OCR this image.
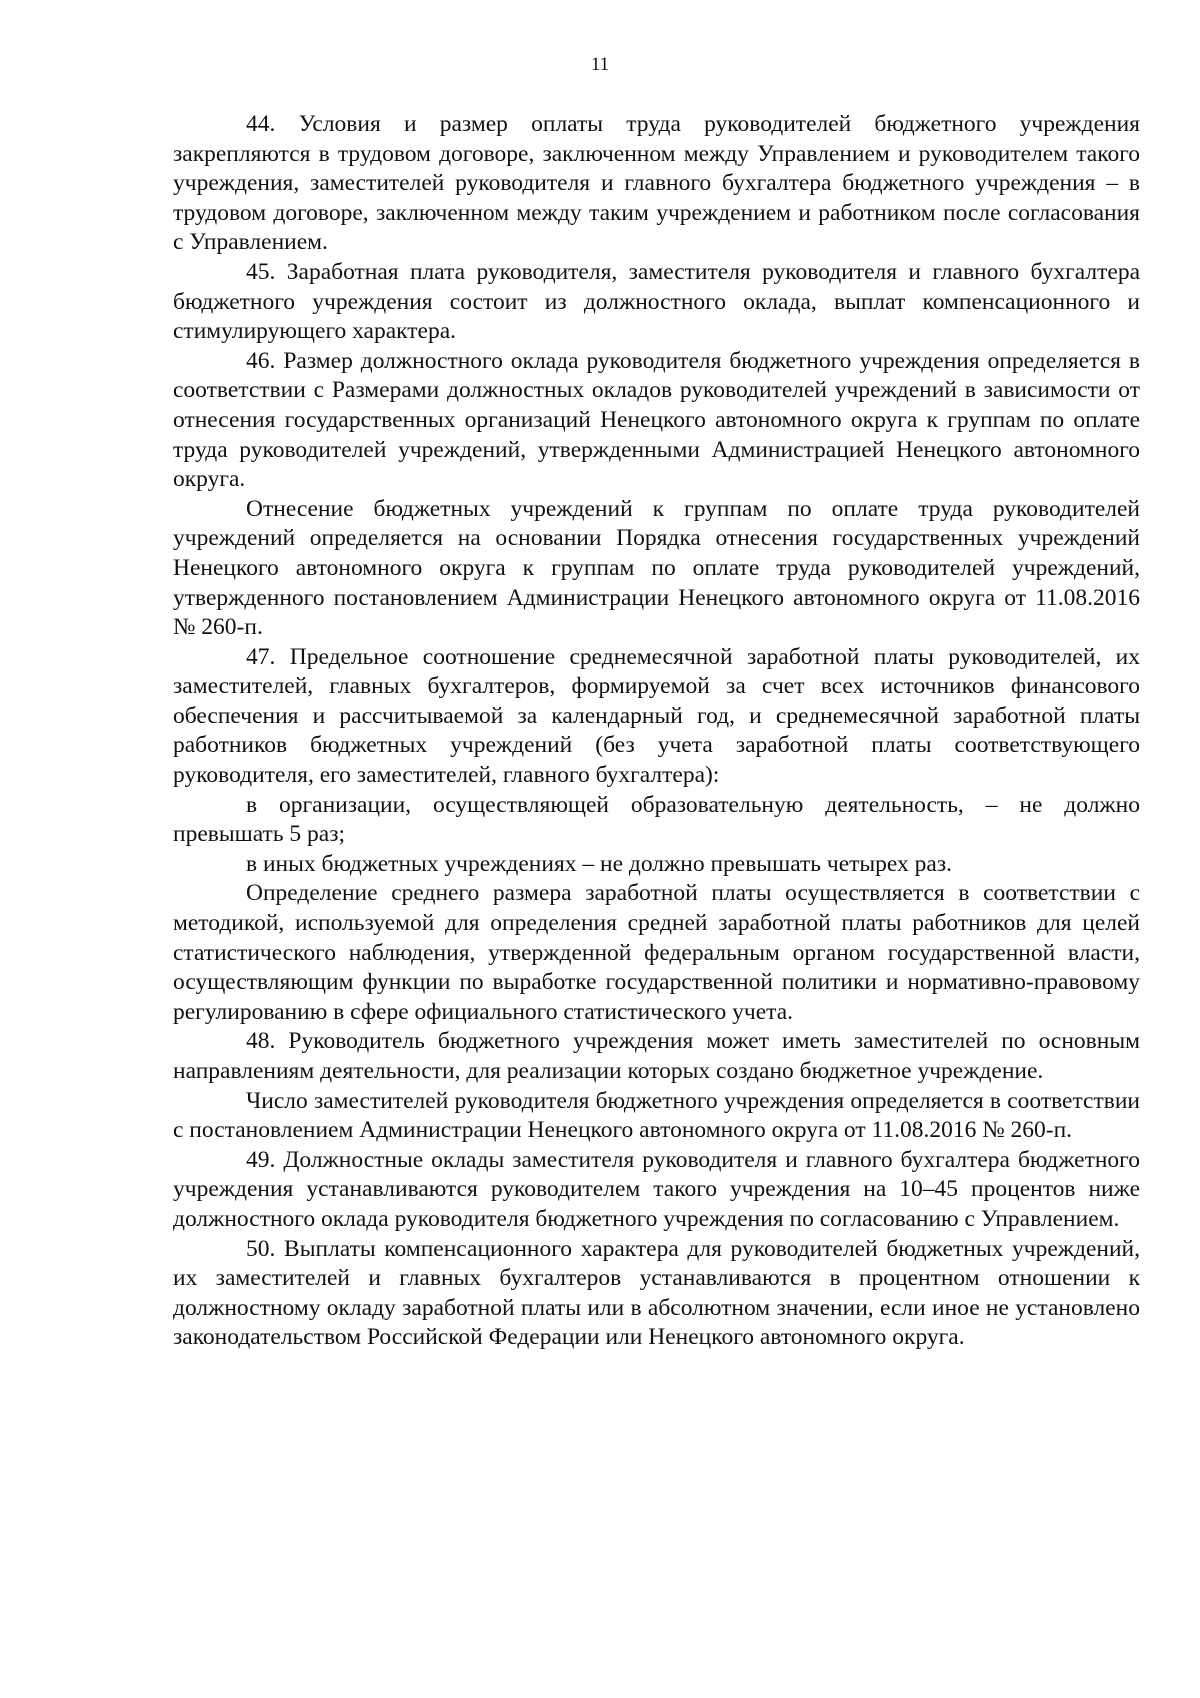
11

44. Условия и размер оплаты труда руководителей бюджетного учреждения закрепляются в трудовом договоре, заключенном между Управлением и руководителем такого учреждения, заместителей руководителя и главного бухгалтера бюджетного учреждения – в трудовом договоре, заключенном между таким учреждением и работником после согласования с Управлением.

45. Заработная плата руководителя, заместителя руководителя и главного бухгалтера бюджетного учреждения состоит из должностного оклада, выплат компенсационного и стимулирующего характера.

46. Размер должностного оклада руководителя бюджетного учреждения определяется в соответствии с Размерами должностных окладов руководителей учреждений в зависимости от отнесения государственных организаций Ненецкого автономного округа к группам по оплате труда руководителей учреждений, утвержденными Администрацией Ненецкого автономного округа.

Отнесение бюджетных учреждений к группам по оплате труда руководителей учреждений определяется на основании Порядка отнесения государственных учреждений Ненецкого автономного округа к группам по оплате труда руководителей учреждений, утвержденного постановлением Администрации Ненецкого автономного округа от 11.08.2016 № 260-п.

47. Предельное соотношение среднемесячной заработной платы руководителей, их заместителей, главных бухгалтеров, формируемой за счет всех источников финансового обеспечения и рассчитываемой за календарный год, и среднемесячной заработной платы работников бюджетных учреждений (без учета заработной платы соответствующего руководителя, его заместителей, главного бухгалтера):

в организации, осуществляющей образовательную деятельность, – не должно превышать 5 раз;

в иных бюджетных учреждениях – не должно превышать четырех раз.

Определение среднего размера заработной платы осуществляется в соответствии с методикой, используемой для определения средней заработной платы работников для целей статистического наблюдения, утвержденной федеральным органом государственной власти, осуществляющим функции по выработке государственной политики и нормативно-правовому регулированию в сфере официального статистического учета.

48. Руководитель бюджетного учреждения может иметь заместителей по основным направлениям деятельности, для реализации которых создано бюджетное учреждение.

Число заместителей руководителя бюджетного учреждения определяется в соответствии с постановлением Администрации Ненецкого автономного округа от 11.08.2016 № 260-п.

49. Должностные оклады заместителя руководителя и главного бухгалтера бюджетного учреждения устанавливаются руководителем такого учреждения на 10–45 процентов ниже должностного оклада руководителя бюджетного учреждения по согласованию с Управлением.

50. Выплаты компенсационного характера для руководителей бюджетных учреждений, их заместителей и главных бухгалтеров устанавливаются в процентном отношении к должностному окладу заработной платы или в абсолютном значении, если иное не установлено законодательством Российской Федерации или Ненецкого автономного округа.
